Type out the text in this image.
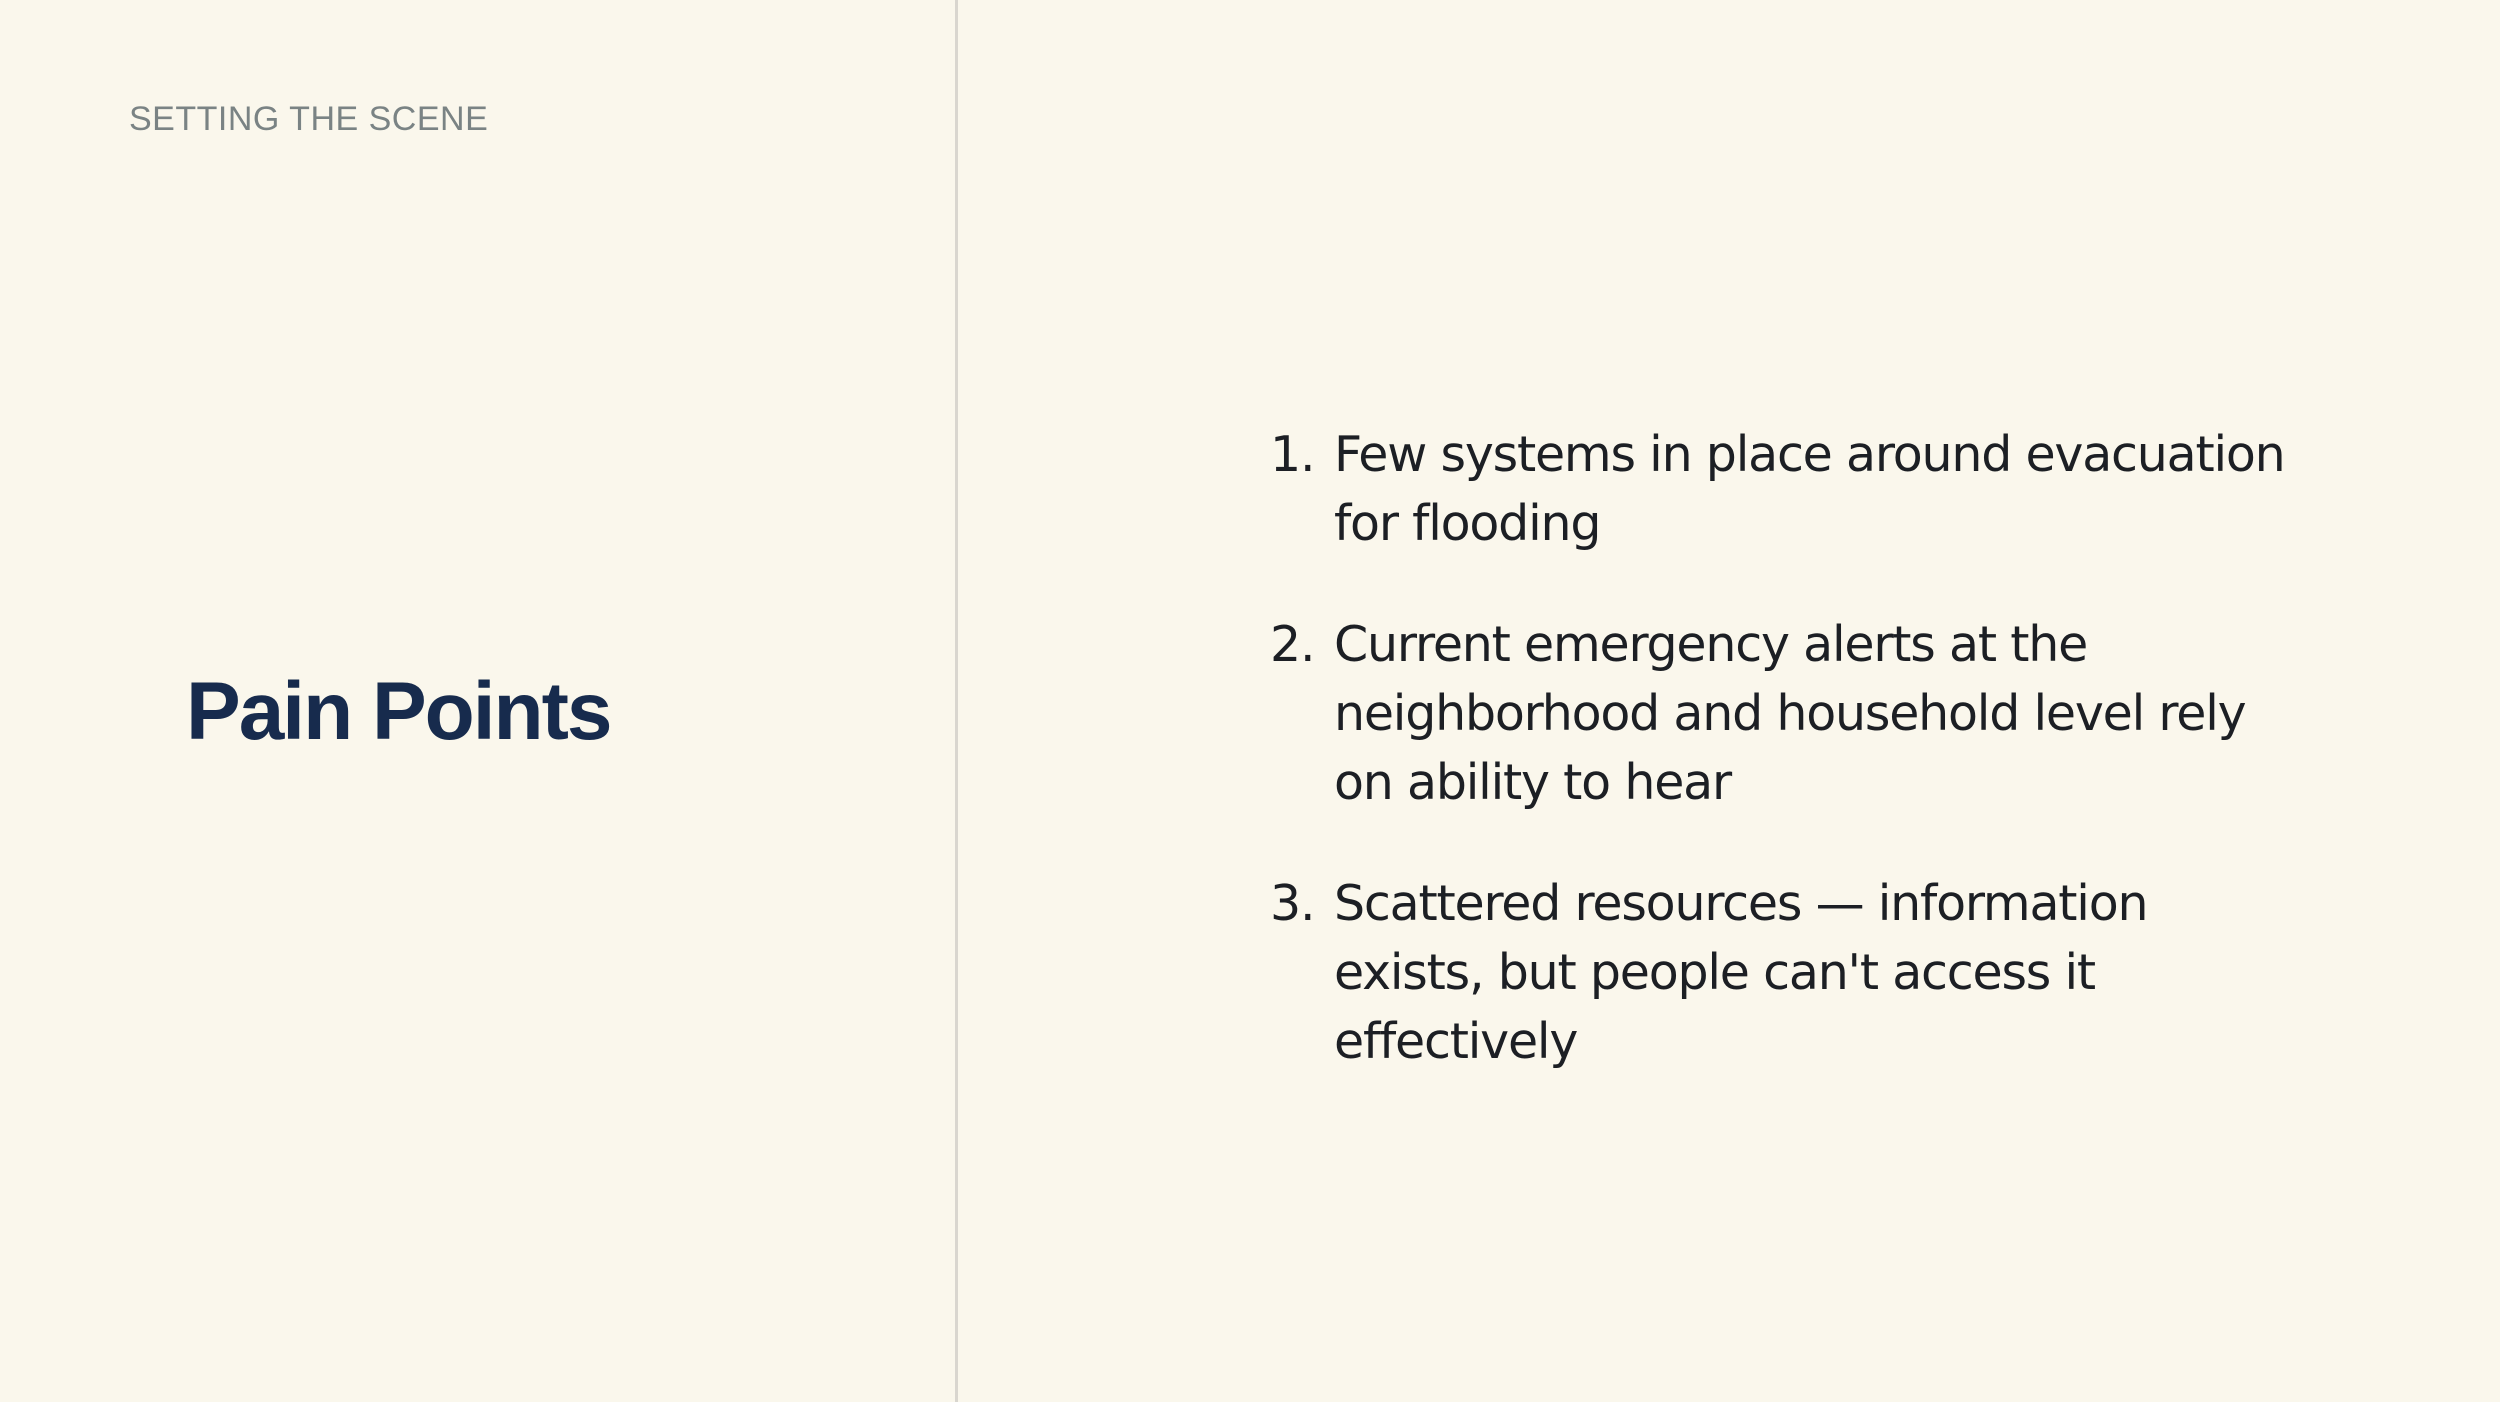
SETTING THE SCENE
Pain Points
1. Few systems in place around evacuation for flooding
2. Current emergency alerts at the neighborhood and household level rely on ability to hear
3. Scattered resources — information exists, but people can't access it effectively
